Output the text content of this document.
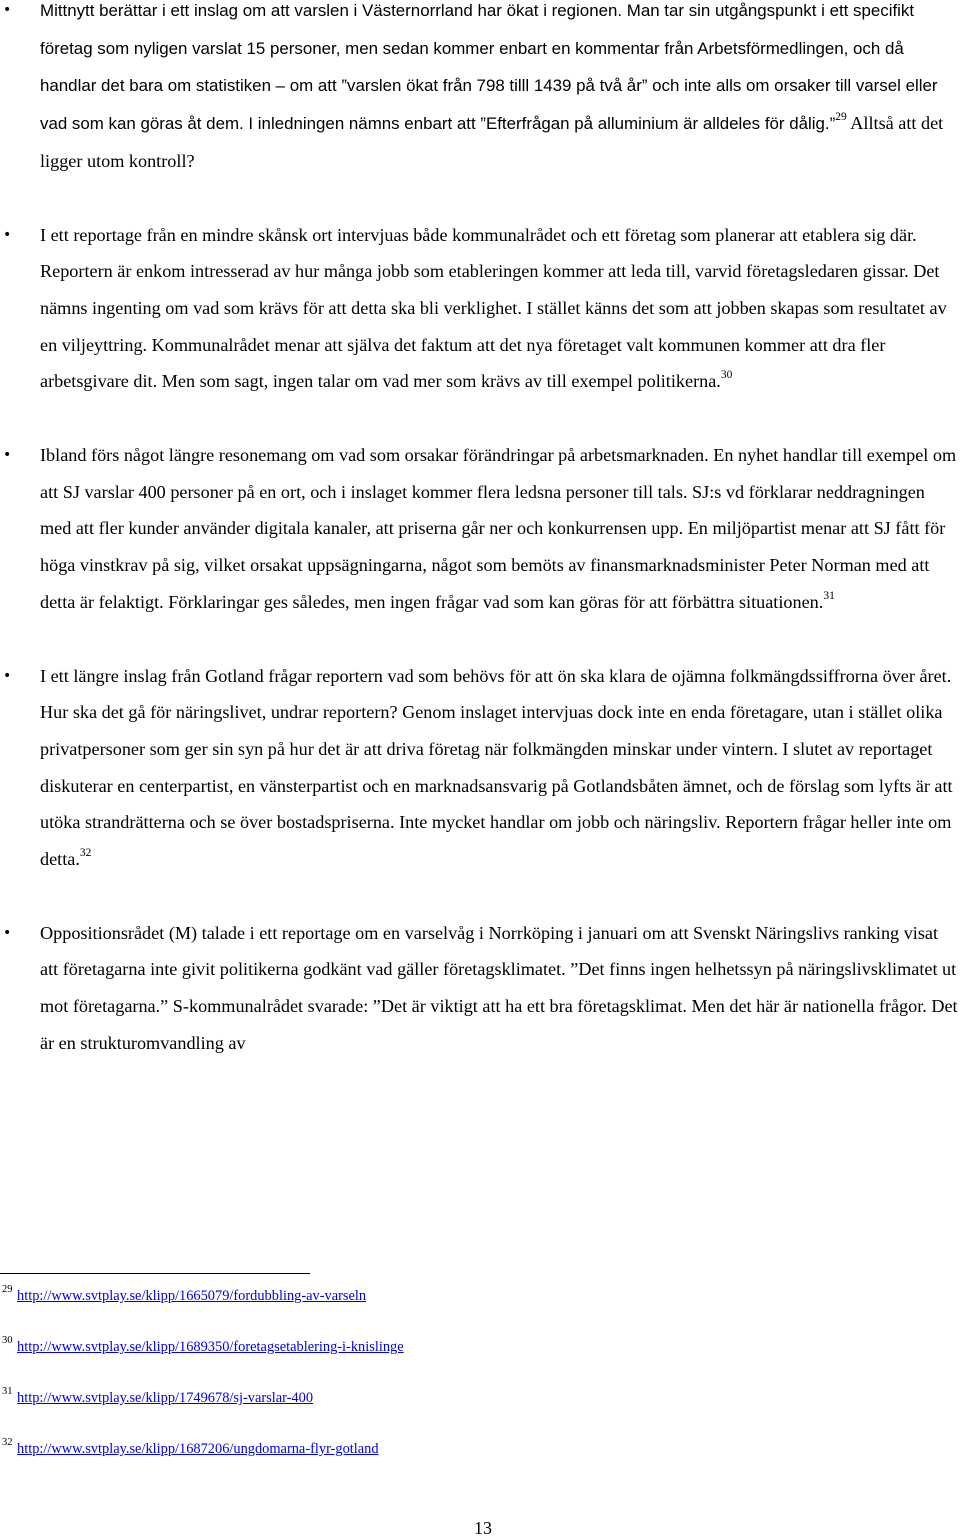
• Mittnytt berättar i ett inslag om att varslen i Västernorrland har ökat i regionen. Man tar sin utgångspunkt i ett specifikt företag som nyligen varslat 15 personer, men sedan kommer enbart en kommentar från Arbetsförmedlingen, och då handlar det bara om statistiken – om att ”varslen ökat från 798 tilll 1439 på två år” och inte alls om orsaker till varsel eller vad som kan göras åt dem. I inledningen nämns enbart att ”Efterfrågan på alluminium är alldeles för dålig.”$^{29}$ Alltså att det ligger utom kontroll?
• I ett reportage från en mindre skånsk ort intervjuas både kommunalrådet och ett företag som planerar att etablera sig där. Reportern är enkom intresserad av hur många jobb som etableringen kommer att leda till, varvid företagsledaren gissar. Det nämns ingenting om vad som krävs för att detta ska bli verklighet. I stället känns det som att jobben skapas som resultatet av en viljeyttring. Kommunalrådet menar att själva det faktum att det nya företaget valt kommunen kommer att dra fler arbetsgivare dit. Men som sagt, ingen talar om vad mer som krävs av till exempel politikerna.$^{30}$
• Ibland förs något längre resonemang om vad som orsakar förändringar på arbetsmarknaden. En nyhet handlar till exempel om att SJ varslar 400 personer på en ort, och i inslaget kommer flera ledsna personer till tals. SJ:s vd förklarar neddragningen med att fler kunder använder digitala kanaler, att priserna går ner och konkurrensen upp. En miljöpartist menar att SJ fått för höga vinstkrav på sig, vilket orsakat uppsägningarna, något som bemöts av finansmarknadsminister Peter Norman med att detta är felaktigt. Förklaringar ges således, men ingen frågar vad som kan göras för att förbättra situationen.$^{31}$
• I ett längre inslag från Gotland frågar reportern vad som behövs för att ön ska klara de ojämna folkmängdssiffrorna över året. Hur ska det gå för näringslivet, undrar reportern? Genom inslaget intervjuas dock inte en enda företagare, utan i stället olika privatpersoner som ger sin syn på hur det är att driva företag när folkmängden minskar under vintern. I slutet av reportaget diskuterar en centerpartist, en vänsterpartist och en marknadsansvarig på Gotlandsbåten ämnet, och de förslag som lyfts är att utöka strandrätterna och se över bostadspriserna. Inte mycket handlar om jobb och näringsliv. Reportern frågar heller inte om detta.$^{32}$
• Oppositionsrådet (M) talade i ett reportage om en varselvåg i Norrköping i januari om att Svenskt Näringslivs ranking visat att företagarna inte givit politikerna godkänt vad gäller företagsklimatet. ”Det finns ingen helhetssyn på näringslivsklimatet ut mot företagarna.” S-kommunalrådet svarade: ”Det är viktigt att ha ett bra företagsklimat. Men det här är nationella frågor. Det är en strukturomvandling av
29 http://www.svtplay.se/klipp/1665079/fordubbling-av-varseln
30 http://www.svtplay.se/klipp/1689350/foretagsetablering-i-knislinge
31 http://www.svtplay.se/klipp/1749678/sj-varslar-400
32 http://www.svtplay.se/klipp/1687206/ungdomarna-flyr-gotland
13
